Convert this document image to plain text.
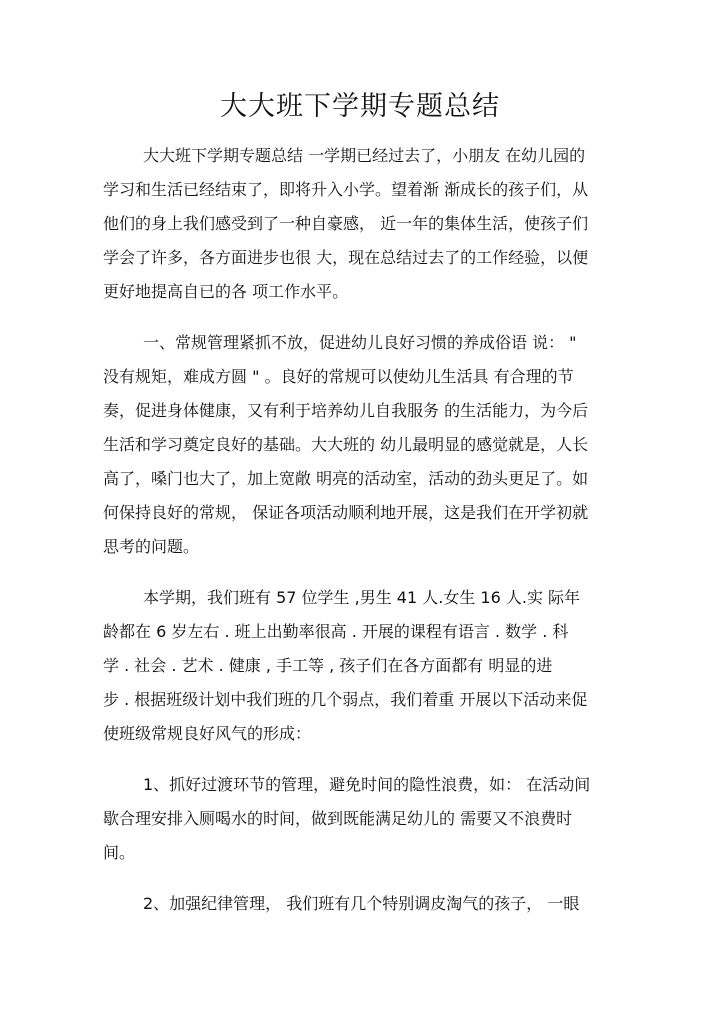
大大班下学期专题总结
大大班下学期专题总结 一学期已经过去了，小朋友 在幼儿园的
学习和生活已经结束了，即将升入小学。望着渐 渐成长的孩子们，从
他们的身上我们感受到了一种自豪感， 近一年的集体生活，使孩子们
学会了许多，各方面进步也很 大，现在总结过去了的工作经验，以便
更好地提高自已的各 项工作水平。
一、常规管理紧抓不放，促进幼儿良好习惯的养成俗语 说： "
没有规矩，难成方圆 " 。良好的常规可以使幼儿生活具 有合理的节
奏，促进身体健康，又有利于培养幼儿自我服务 的生活能力，为今后
生活和学习奠定良好的基础。大大班的 幼儿最明显的感觉就是，人长
高了，嗓门也大了，加上宽敞 明亮的活动室，活动的劲头更足了。如
何保持良好的常规， 保证各项活动顺利地开展，这是我们在开学初就
思考的问题。
本学期，我们班有 57 位学生 ,男生 41 人.女生 16 人.实 际年
龄都在 6 岁左右 . 班上出勤率很高 . 开展的课程有语言 . 数学 . 科
学 . 社会 . 艺术 . 健康 , 手工等 , 孩子们在各方面都有 明显的进
步 . 根据班级计划中我们班的几个弱点，我们着重 开展以下活动来促
使班级常规良好风气的形成：
1、抓好过渡环节的管理，避免时间的隐性浪费，如： 在活动间
歇合理安排入厕喝水的时间，做到既能满足幼儿的 需要又不浪费时
间。
2、加强纪律管理， 我们班有几个特别调皮淘气的孩子， 一眼
